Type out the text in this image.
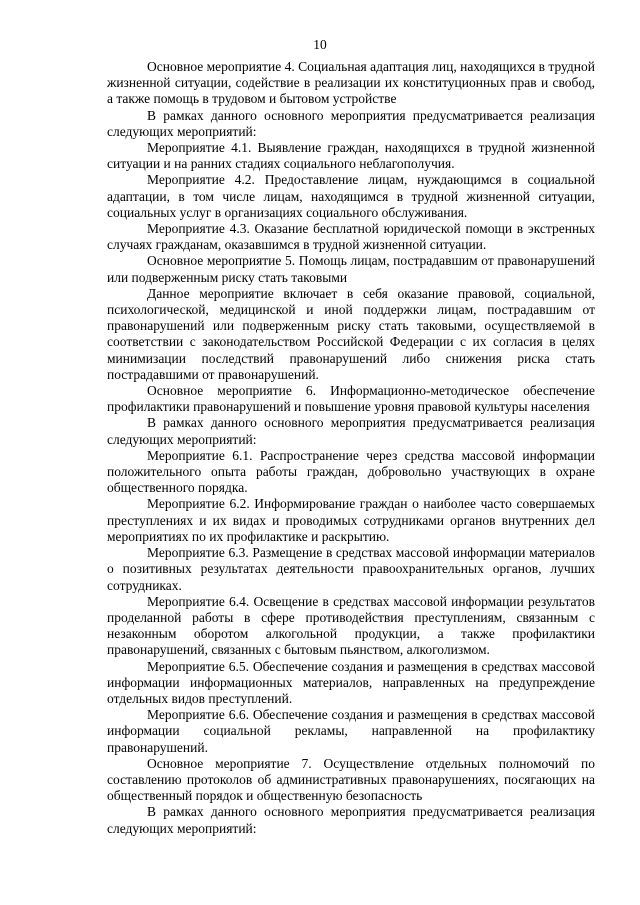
10

Основное мероприятие 4. Социальная адаптация лиц, находящихся в трудной жизненной ситуации, содействие в реализации их конституционных прав и свобод, а также помощь в трудовом и бытовом устройстве

В рамках данного основного мероприятия предусматривается реализация следующих мероприятий:

Мероприятие 4.1. Выявление граждан, находящихся в трудной жизненной ситуации и на ранних стадиях социального неблагополучия.

Мероприятие 4.2. Предоставление лицам, нуждающимся в социальной адаптации, в том числе лицам, находящимся в трудной жизненной ситуации, социальных услуг в организациях социального обслуживания.

Мероприятие 4.3. Оказание бесплатной юридической помощи в экстренных случаях гражданам, оказавшимся в трудной жизненной ситуации.

Основное мероприятие 5. Помощь лицам, пострадавшим от правонарушений или подверженным риску стать таковыми

Данное мероприятие включает в себя оказание правовой, социальной, психологической, медицинской и иной поддержки лицам, пострадавшим от правонарушений или подверженным риску стать таковыми, осуществляемой в соответствии с законодательством Российской Федерации с их согласия в целях минимизации последствий правонарушений либо снижения риска стать пострадавшими от правонарушений.

Основное мероприятие 6. Информационно-методическое обеспечение профилактики правонарушений и повышение уровня правовой культуры населения

В рамках данного основного мероприятия предусматривается реализация следующих мероприятий:

Мероприятие 6.1. Распространение через средства массовой информации положительного опыта работы граждан, добровольно участвующих в охране общественного порядка.

Мероприятие 6.2. Информирование граждан о наиболее часто совершаемых преступлениях и их видах и проводимых сотрудниками органов внутренних дел мероприятиях по их профилактике и раскрытию.

Мероприятие 6.3. Размещение в средствах массовой информации материалов о позитивных результатах деятельности правоохранительных органов, лучших сотрудниках.

Мероприятие 6.4. Освещение в средствах массовой информации результатов проделанной работы в сфере противодействия преступлениям, связанным с незаконным оборотом алкогольной продукции, а также профилактики правонарушений, связанных с бытовым пьянством, алкоголизмом.

Мероприятие 6.5. Обеспечение создания и размещения в средствах массовой информации информационных материалов, направленных на предупреждение отдельных видов преступлений.

Мероприятие 6.6. Обеспечение создания и размещения в средствах массовой информации социальной рекламы, направленной на профилактику правонарушений.

Основное мероприятие 7. Осуществление отдельных полномочий по составлению протоколов об административных правонарушениях, посягающих на общественный порядок и общественную безопасность

В рамках данного основного мероприятия предусматривается реализация следующих мероприятий:
